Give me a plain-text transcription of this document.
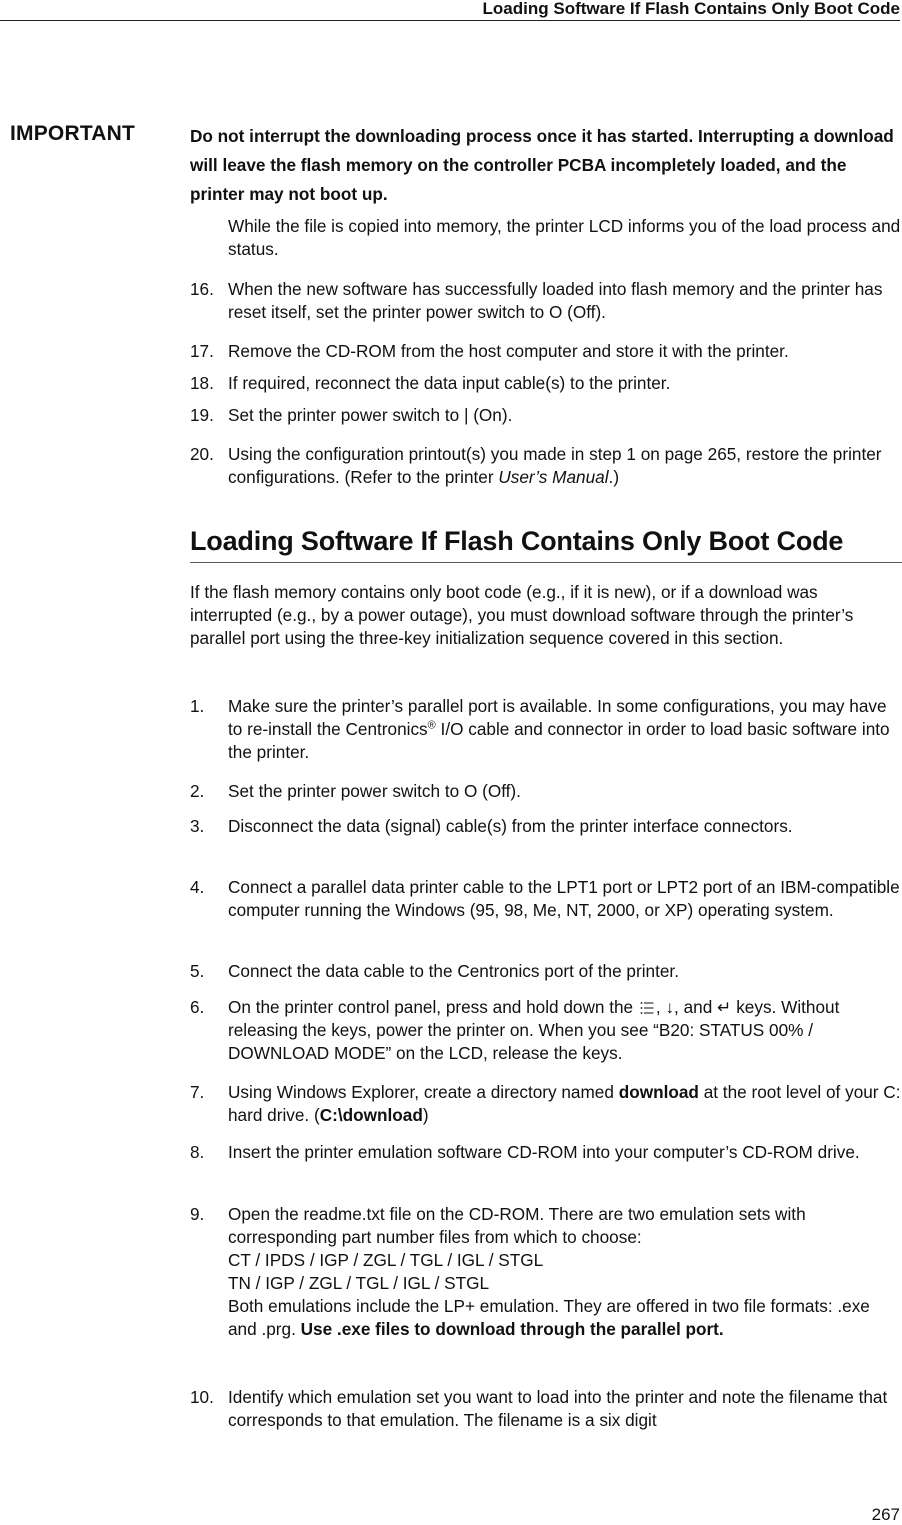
Loading Software If Flash Contains Only Boot Code
IMPORTANT	Do not interrupt the downloading process once it has started. Interrupting a download will leave the flash memory on the controller PCBA incompletely loaded, and the printer may not boot up.
While the file is copied into memory, the printer LCD informs you of the load process and status.
16. When the new software has successfully loaded into flash memory and the printer has reset itself, set the printer power switch to O (Off).
17. Remove the CD-ROM from the host computer and store it with the printer.
18. If required, reconnect the data input cable(s) to the printer.
19. Set the printer power switch to | (On).
20. Using the configuration printout(s) you made in step 1 on page 265, restore the printer configurations. (Refer to the printer User’s Manual.)
Loading Software If Flash Contains Only Boot Code
If the flash memory contains only boot code (e.g., if it is new), or if a download was interrupted (e.g., by a power outage), you must download software through the printer’s parallel port using the three-key initialization sequence covered in this section.
1. Make sure the printer’s parallel port is available. In some configurations, you may have to re-install the Centronics® I/O cable and connector in order to load basic software into the printer.
2. Set the printer power switch to O (Off).
3. Disconnect the data (signal) cable(s) from the printer interface connectors.
4. Connect a parallel data printer cable to the LPT1 port or LPT2 port of an IBM-compatible computer running the Windows (95, 98, Me, NT, 2000, or XP) operating system.
5. Connect the data cable to the Centronics port of the printer.
6. On the printer control panel, press and hold down the , ↓, and ↵ keys. Without releasing the keys, power the printer on. When you see “B20: STATUS 00% / DOWNLOAD MODE” on the LCD, release the keys.
7. Using Windows Explorer, create a directory named download at the root level of your C: hard drive. (C:\download)
8. Insert the printer emulation software CD-ROM into your computer’s CD-ROM drive.
9. Open the readme.txt file on the CD-ROM. There are two emulation sets with corresponding part number files from which to choose:
CT / IPDS / IGP / ZGL / TGL / IGL / STGL
TN / IGP / ZGL / TGL / IGL / STGL
Both emulations include the LP+ emulation. They are offered in two file formats: .exe and .prg. Use .exe files to download through the parallel port.
10. Identify which emulation set you want to load into the printer and note the filename that corresponds to that emulation. The filename is a six digit
267
